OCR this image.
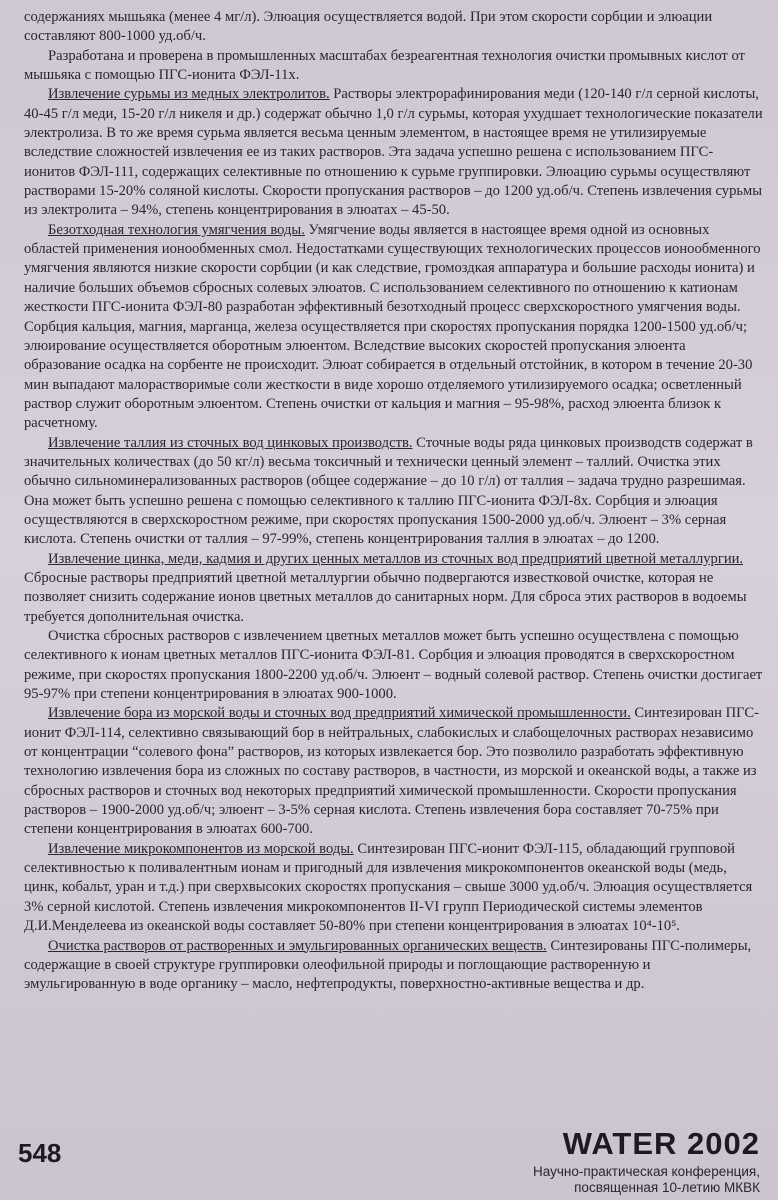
содержаниях мышьяка (менее 4 мг/л). Элюация осуществляется водой. При этом скорости сорбции и элюации составляют 800-1000 уд.об/ч.

Разработана и проверена в промышленных масштабах безреагентная технология очистки промывных кислот от мышьяка с помощью ПГС-ионита ФЭЛ-11х.

Извлечение сурьмы из медных электролитов. Растворы электрорафинирования меди (120-140 г/л серной кислоты, 40-45 г/л меди, 15-20 г/л никеля и др.) содержат обычно 1,0 г/л сурьмы, которая ухудшает технологические показатели электролиза. В то же время сурьма является весьма ценным элементом, в настоящее время не утилизируемые вследствие сложностей извлечения ее из таких растворов. Эта задача успешно решена с использованием ПГС-ионитов ФЭЛ-111, содержащих селективные по отношению к сурьме группировки. Элюацию сурьмы осуществляют растворами 15-20% соляной кислоты. Скорости пропускания растворов – до 1200 уд.об/ч. Степень извлечения сурьмы из электролита – 94%, степень концентрирования в элюатах – 45-50.

Безотходная технология умягчения воды. Умягчение воды является в настоящее время одной из основных областей применения ионообменных смол. Недостатками существующих технологических процессов ионообменного умягчения являются низкие скорости сорбции (и как следствие, громоздкая аппаратура и большие расходы ионита) и наличие больших объемов сбросных солевых элюатов. С использованием селективного по отношению к катионам жесткости ПГС-ионита ФЭЛ-80 разработан эффективный безотходный процесс сверхскоростного умягчения воды. Сорбция кальция, магния, марганца, железа осуществляется при скоростях пропускания порядка 1200-1500 уд.об/ч; элюирование осуществляется оборотным элюентом. Вследствие высоких скоростей пропускания элюента образование осадка на сорбенте не происходит. Элюат собирается в отдельный отстойник, в котором в течение 20-30 мин выпадают малорастворимые соли жесткости в виде хорошо отделяемого утилизируемого осадка; осветленный раствор служит оборотным элюентом. Степень очистки от кальция и магния – 95-98%, расход элюента близок к расчетному.

Извлечение таллия из сточных вод цинковых производств. Сточные воды ряда цинковых производств содержат в значительных количествах (до 50 кг/л) весьма токсичный и технически ценный элемент – таллий. Очистка этих обычно сильноминерализованных растворов (общее содержание – до 10 г/л) от таллия – задача трудно разрешимая. Она может быть успешно решена с помощью селективного к таллию ПГС-ионита ФЭЛ-8х. Сорбция и элюация осуществляются в сверхскоростном режиме, при скоростях пропускания 1500-2000 уд.об/ч. Элюент – 3% серная кислота. Степень очистки от таллия – 97-99%, степень концентрирования таллия в элюатах – до 1200.

Извлечение цинка, меди, кадмия и других ценных металлов из сточных вод предприятий цветной металлургии. Сбросные растворы предприятий цветной металлургии обычно подвергаются известковой очистке, которая не позволяет снизить содержание ионов цветных металлов до санитарных норм. Для сброса этих растворов в водоемы требуется дополнительная очистка.

Очистка сбросных растворов с извлечением цветных металлов может быть успешно осуществлена с помощью селективного к ионам цветных металлов ПГС-ионита ФЭЛ-81. Сорбция и элюация проводятся в сверхскоростном режиме, при скоростях пропускания 1800-2200 уд.об/ч. Элюент – водный солевой раствор. Степень очистки достигает 95-97% при степени концентрирования в элюатах 900-1000.

Извлечение бора из морской воды и сточных вод предприятий химической промышленности. Синтезирован ПГС-ионит ФЭЛ-114, селективно связывающий бор в нейтральных, слабокислых и слабощелочных растворах независимо от концентрации “солевого фона” растворов, из которых извлекается бор. Это позволило разработать эффективную технологию извлечения бора из сложных по составу растворов, в частности, из морской и океанской воды, а также из сбросных растворов и сточных вод некоторых предприятий химической промышленности. Скорости пропускания растворов – 1900-2000 уд.об/ч; элюент – 3-5% серная кислота. Степень извлечения бора составляет 70-75% при степени концентрирования в элюатах 600-700.

Извлечение микрокомпонентов из морской воды. Синтезирован ПГС-ионит ФЭЛ-115, обладающий групповой селективностью к поливалентным ионам и пригодный для извлечения микрокомпонентов океанской воды (медь, цинк, кобальт, уран и т.д.) при сверхвысоких скоростях пропускания – свыше 3000 уд.об/ч. Элюация осуществляется 3% серной кислотой. Степень извлечения микрокомпонентов II-VI групп Периодической системы элементов Д.И.Менделеева из океанской воды составляет 50-80% при степени концентрирования в элюатах 10⁴-10⁵.

Очистка растворов от растворенных и эмульгированных органических веществ. Синтезированы ПГС-полимеры, содержащие в своей структуре группировки олеофильной природы и поглощающие растворенную и эмульгированную в воде органику – масло, нефтепродукты, поверхностно-активные вещества и др.

548	WATER 2002
Научно-практическая конференция,
посвященная 10-летию МКВК
